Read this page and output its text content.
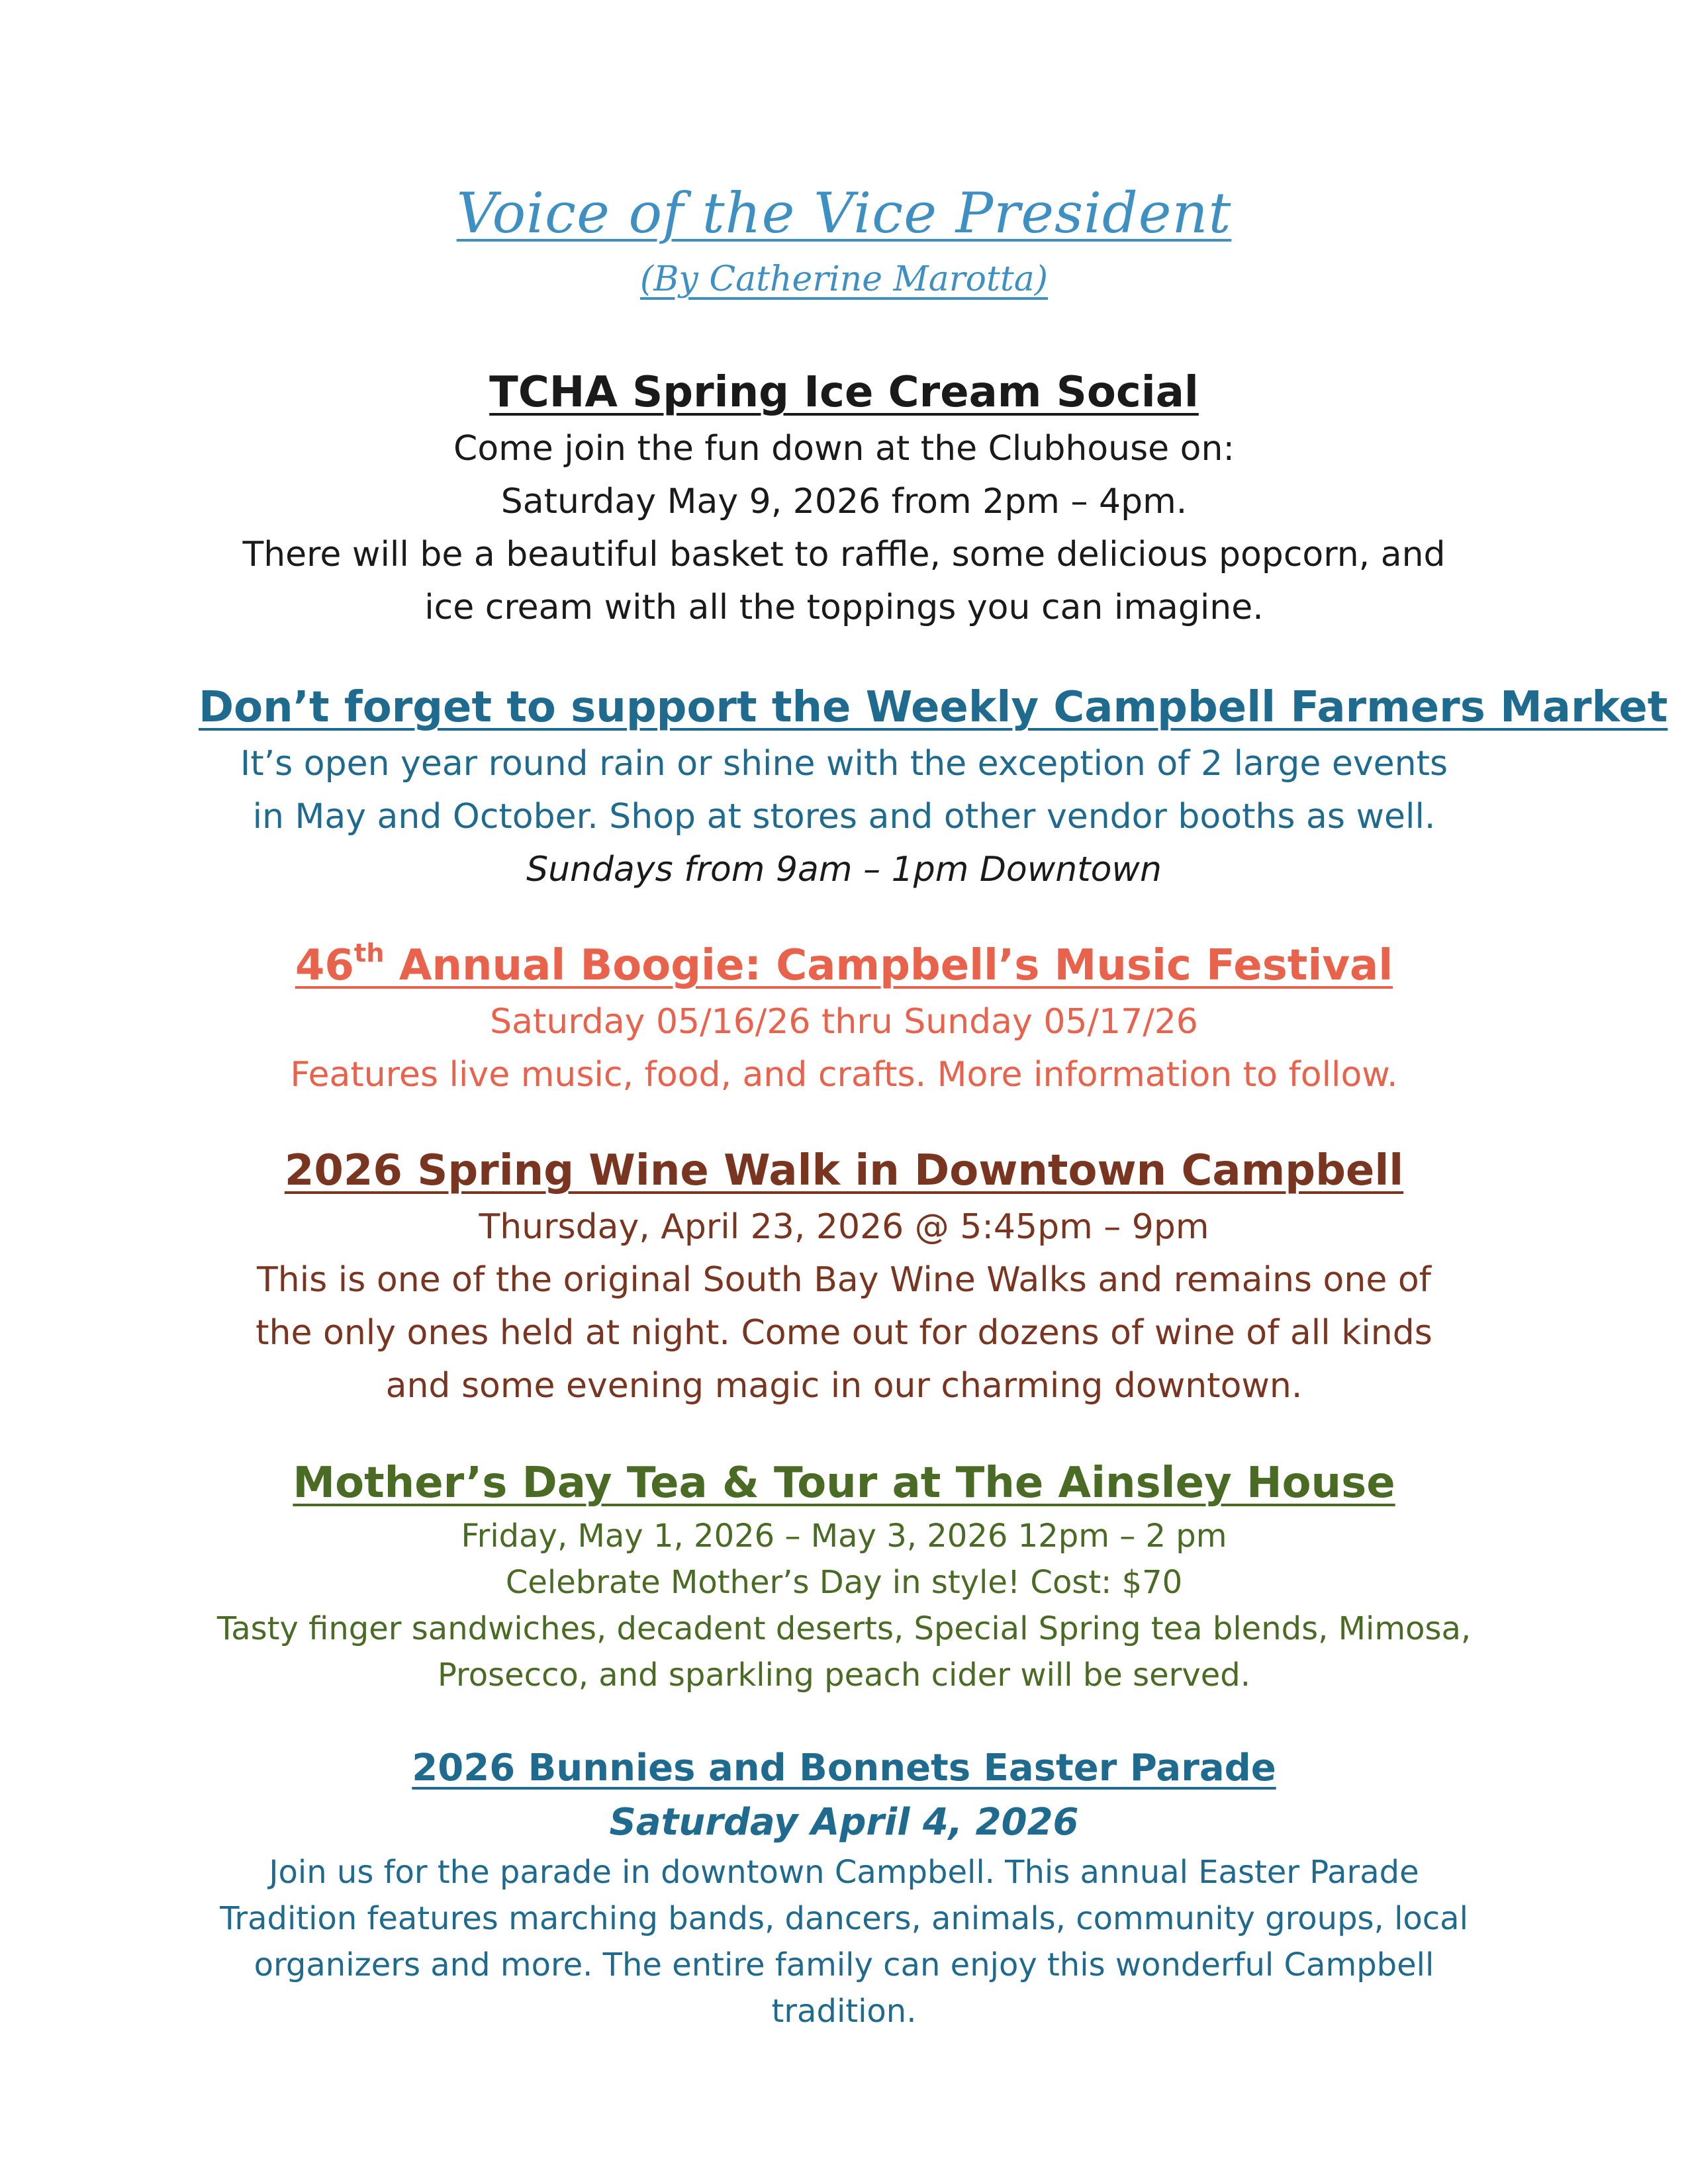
Voice of the Vice President
(By Catherine Marotta)
TCHA Spring Ice Cream Social
Come join the fun down at the Clubhouse on:
Saturday May 9, 2026 from 2pm – 4pm.
There will be a beautiful basket to raffle, some delicious popcorn, and
ice cream with all the toppings you can imagine.
Don’t forget to support the Weekly Campbell Farmers Market
It’s open year round rain or shine with the exception of 2 large events
in May and October. Shop at stores and other vendor booths as well.
Sundays from 9am – 1pm Downtown
46th Annual Boogie: Campbell’s Music Festival
Saturday 05/16/26 thru Sunday 05/17/26
Features live music, food, and crafts. More information to follow.
2026 Spring Wine Walk in Downtown Campbell
Thursday, April 23, 2026 @ 5:45pm – 9pm
This is one of the original South Bay Wine Walks and remains one of
the only ones held at night. Come out for dozens of wine of all kinds
and some evening magic in our charming downtown.
Mother’s Day Tea & Tour at The Ainsley House
Friday, May 1, 2026 – May 3, 2026 12pm – 2 pm
Celebrate Mother’s Day in style! Cost: $70
Tasty finger sandwiches, decadent deserts, Special Spring tea blends, Mimosa,
Prosecco, and sparkling peach cider will be served.
2026 Bunnies and Bonnets Easter Parade
Saturday April 4, 2026
Join us for the parade in downtown Campbell. This annual Easter Parade
Tradition features marching bands, dancers, animals, community groups, local
organizers and more. The entire family can enjoy this wonderful Campbell
tradition.
